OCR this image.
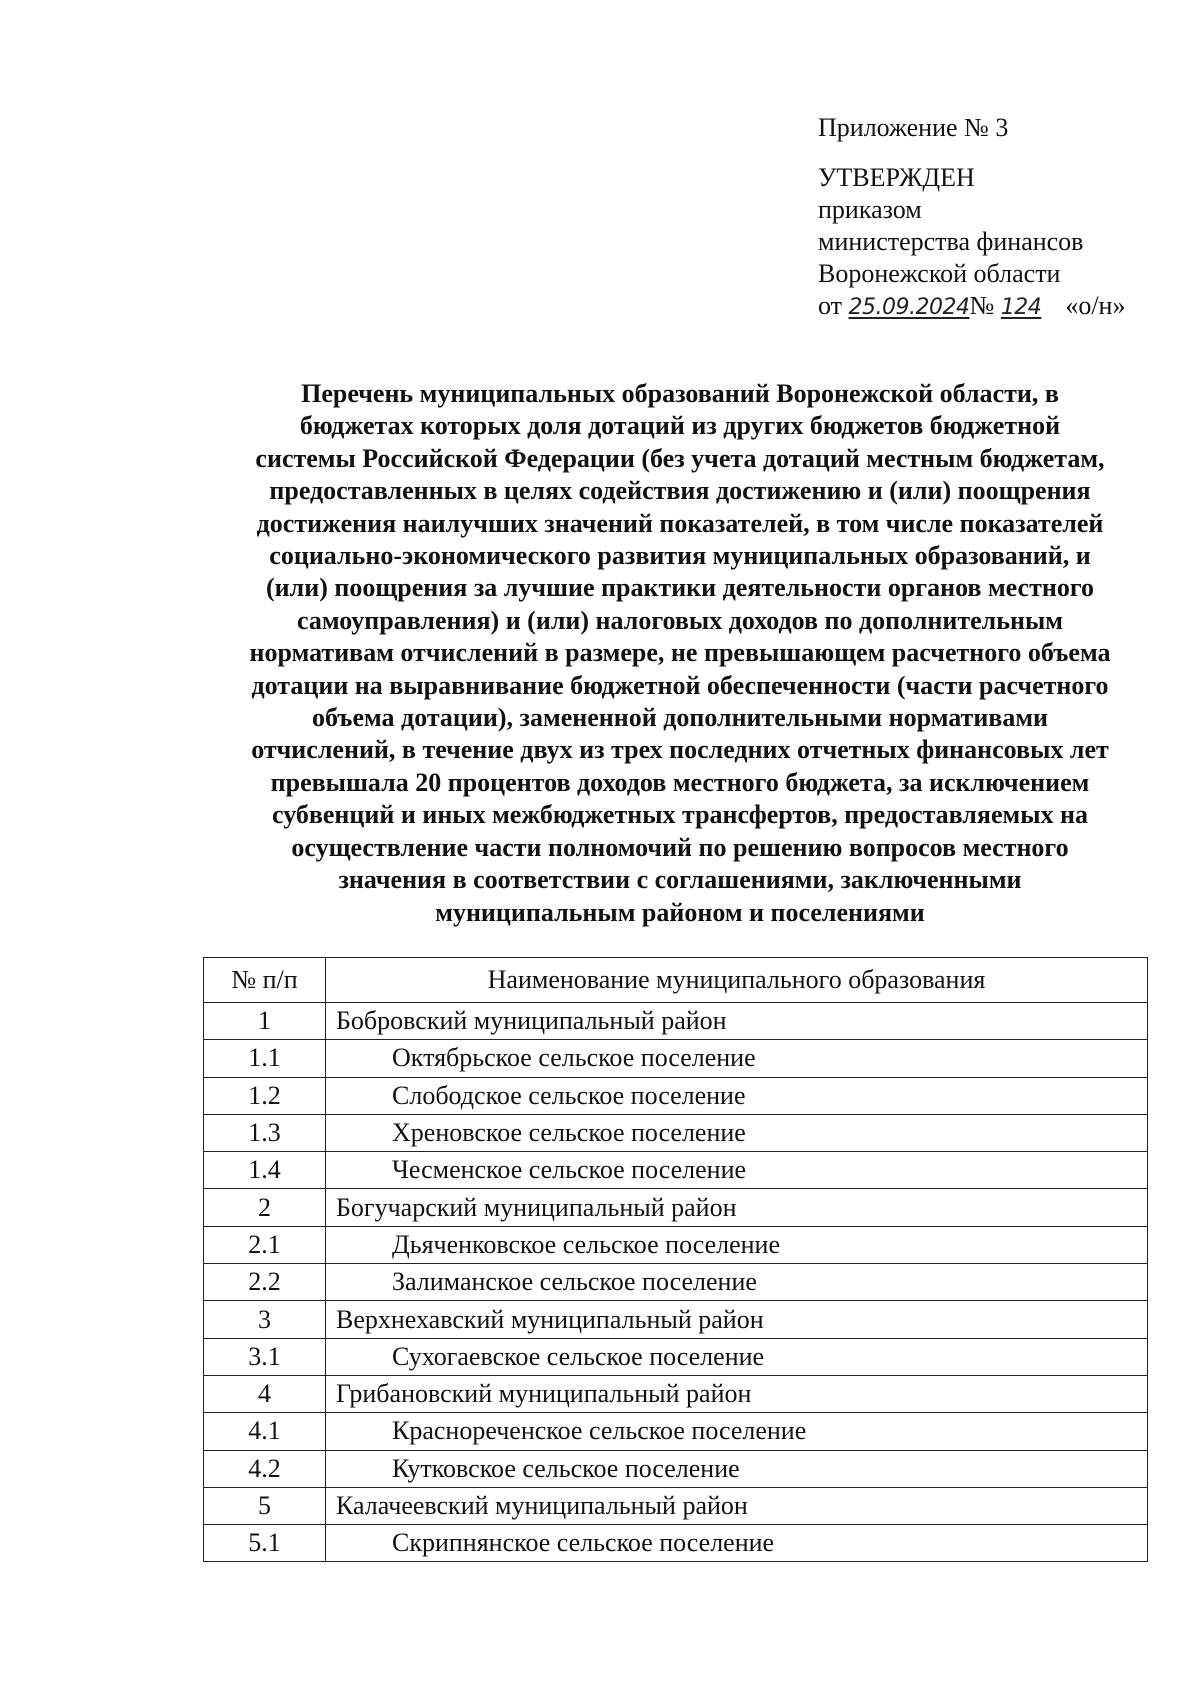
Приложение № 3
УТВЕРЖДЕН
приказом
министерства финансов
Воронежской области
от 25.09.2024№ 124 «о/н»
Перечень муниципальных образований Воронежской области, в
бюджетах которых доля дотаций из других бюджетов бюджетной
системы Российской Федерации (без учета дотаций местным бюджетам,
предоставленных в целях содействия достижению и (или) поощрения
достижения наилучших значений показателей, в том числе показателей
социально-экономического развития муниципальных образований, и
(или) поощрения за лучшие практики деятельности органов местного
самоуправления) и (или) налоговых доходов по дополнительным
нормативам отчислений в размере, не превышающем расчетного объема
дотации на выравнивание бюджетной обеспеченности (части расчетного
объема дотации), замененной дополнительными нормативами
отчислений, в течение двух из трех последних отчетных финансовых лет
превышала 20 процентов доходов местного бюджета, за исключением
субвенций и иных межбюджетных трансфертов, предоставляемых на
осуществление части полномочий по решению вопросов местного
значения в соответствии с соглашениями, заключенными
муниципальным районом и поселениями
№ п/п	Наименование муниципального образования
1	Бобровский муниципальный район
1.1	Октябрьское сельское поселение
1.2	Слободское сельское поселение
1.3	Хреновское сельское поселение
1.4	Чесменское сельское поселение
2	Богучарский муниципальный район
2.1	Дьяченковское сельское поселение
2.2	Залиманское сельское поселение
3	Верхнехавский муниципальный район
3.1	Сухогаевское сельское поселение
4	Грибановский муниципальный район
4.1	Краснореченское сельское поселение
4.2	Кутковское сельское поселение
5	Калачеевский муниципальный район
5.1	Скрипнянское сельское поселение
